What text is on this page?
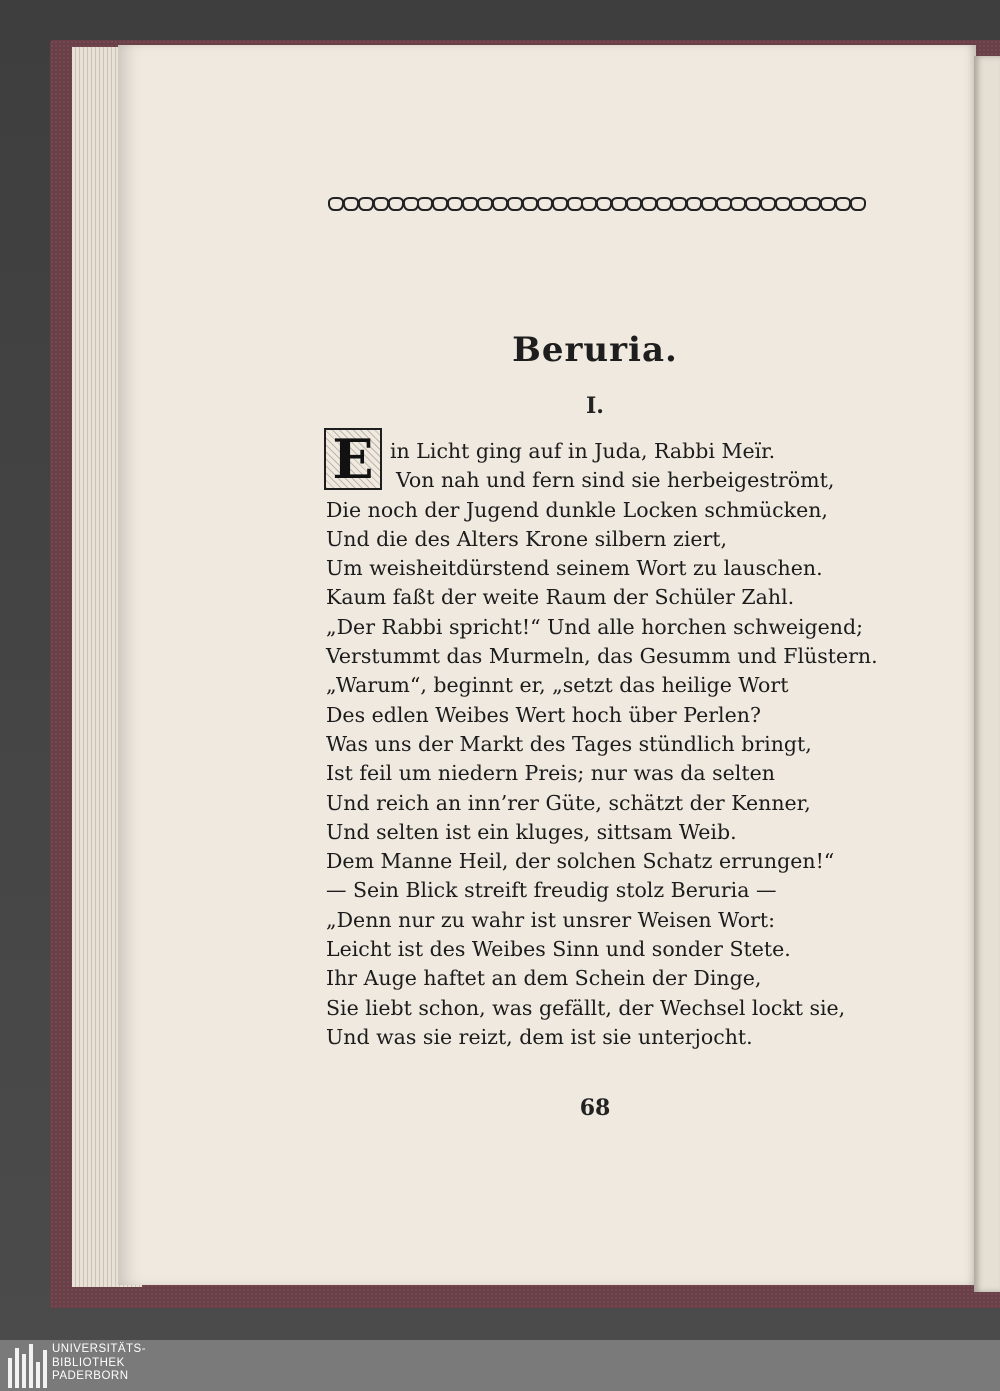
Beruria.
I.
E in Licht ging auf in Juda, Rabbi Meïr.
Von nah und fern sind sie herbeigeströmt,
Die noch der Jugend dunkle Locken schmücken,
Und die des Alters Krone silbern ziert,
Um weisheitdürstend seinem Wort zu lauschen.
Kaum faßt der weite Raum der Schüler Zahl.
„Der Rabbi spricht!“ Und alle horchen schweigend;
Verstummt das Murmeln, das Gesumm und Flüstern.
„Warum“, beginnt er, „setzt das heilige Wort
Des edlen Weibes Wert hoch über Perlen?
Was uns der Markt des Tages stündlich bringt,
Ist feil um niedern Preis; nur was da selten
Und reich an inn’rer Güte, schätzt der Kenner,
Und selten ist ein kluges, sittsam Weib.
Dem Manne Heil, der solchen Schatz errungen!“
— Sein Blick streift freudig stolz Beruria —
„Denn nur zu wahr ist unsrer Weisen Wort:
Leicht ist des Weibes Sinn und sonder Stete.
Ihr Auge haftet an dem Schein der Dinge,
Sie liebt schon, was gefällt, der Wechsel lockt sie,
Und was sie reizt, dem ist sie unterjocht.
68
UNIVERSITÄTS-
BIBLIOTHEK
PADERBORN
